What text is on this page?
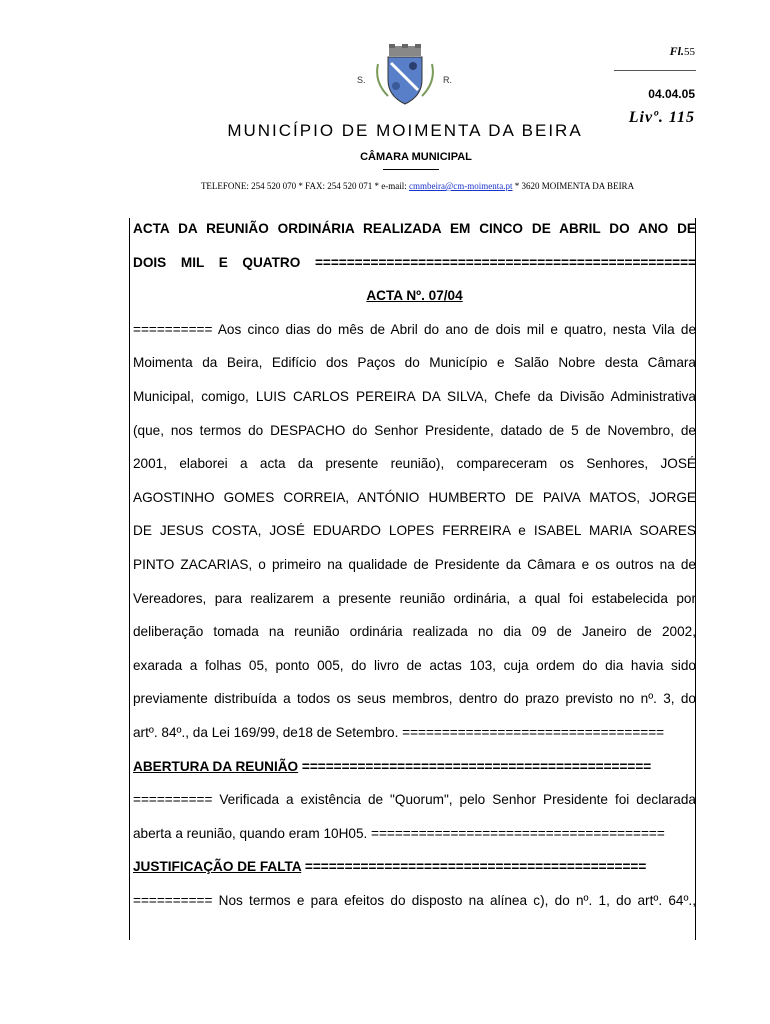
S.	R.
Fl.55
04.04.05
Livº. 115
MUNICÍPIO DE MOIMENTA DA BEIRA
CÂMARA MUNICIPAL
TELEFONE: 254 520 070 * FAX: 254 520 071 * e-mail: cmmbeira@cm-moimenta.pt * 3620 MOIMENTA DA BEIRA
ACTA DA REUNIÃO ORDINÁRIA REALIZADA EM CINCO DE ABRIL DO ANO DE
DOIS MIL E QUATRO ================================================
ACTA Nº. 07/04
========== Aos cinco dias do mês de Abril do ano de dois mil e quatro, nesta Vila de
Moimenta da Beira, Edifício dos Paços do Município e Salão Nobre desta Câmara
Municipal, comigo, LUIS CARLOS PEREIRA DA SILVA, Chefe da Divisão Administrativa
(que, nos termos do DESPACHO do Senhor Presidente, datado de 5 de Novembro, de
2001, elaborei a acta da presente reunião), compareceram os Senhores, JOSÉ
AGOSTINHO GOMES CORREIA, ANTÓNIO HUMBERTO DE PAIVA MATOS, JORGE
DE JESUS COSTA, JOSÉ EDUARDO LOPES FERREIRA e ISABEL MARIA SOARES
PINTO ZACARIAS, o primeiro na qualidade de Presidente da Câmara e os outros na de
Vereadores, para realizarem a presente reunião ordinária, a qual foi estabelecida por
deliberação tomada na reunião ordinária realizada no dia 09 de Janeiro de 2002,
exarada a folhas 05, ponto 005, do livro de actas 103, cuja ordem do dia havia sido
previamente distribuída a todos os seus membros, dentro do prazo previsto no nº. 3, do
artº. 84º., da Lei 169/99, de18 de Setembro. =================================
ABERTURA DA REUNIÃO ============================================
========== Verificada a existência de "Quorum", pelo Senhor Presidente foi declarada
aberta a reunião, quando eram 10H05. =====================================
JUSTIFICAÇÃO DE FALTA ===========================================
========== Nos termos e para efeitos do disposto na alínea c), do nº. 1, do artº. 64º.,
